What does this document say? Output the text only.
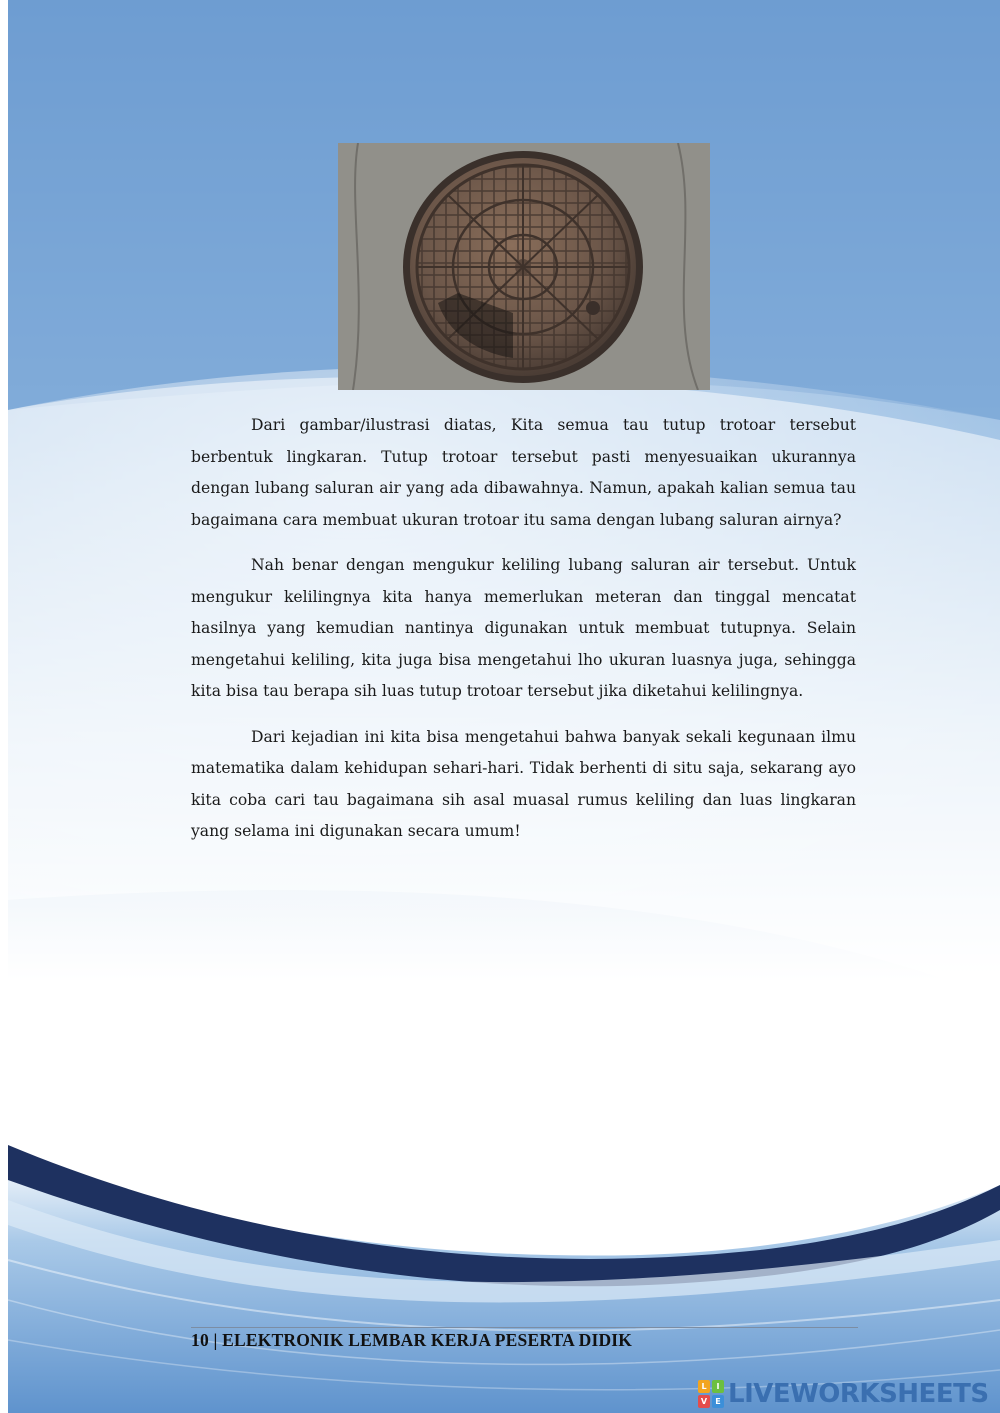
Dari gambar/ilustrasi diatas, Kita semua tau tutup trotoar tersebut berbentuk lingkaran. Tutup trotoar tersebut pasti menyesuaikan ukurannya dengan lubang saluran air yang ada dibawahnya. Namun, apakah kalian semua tau bagaimana cara membuat ukuran trotoar itu sama dengan lubang saluran airnya?

Nah benar dengan mengukur keliling lubang saluran air tersebut. Untuk mengukur kelilingnya kita hanya memerlukan meteran dan tinggal mencatat hasilnya yang kemudian nantinya digunakan untuk membuat tutupnya. Selain mengetahui keliling, kita juga bisa mengetahui lho ukuran luasnya juga, sehingga kita bisa tau berapa sih luas tutup trotoar tersebut jika diketahui kelilingnya.

Dari kejadian ini kita bisa mengetahui bahwa banyak sekali kegunaan ilmu matematika dalam kehidupan sehari-hari. Tidak berhenti di situ saja, sekarang ayo kita coba cari tau bagaimana sih asal muasal rumus keliling dan luas lingkaran yang selama ini digunakan secara umum!

10 | ELEKTRONIK LEMBAR KERJA PESERTA DIDIK
L	I
V	E LIVEWORKSHEETS
